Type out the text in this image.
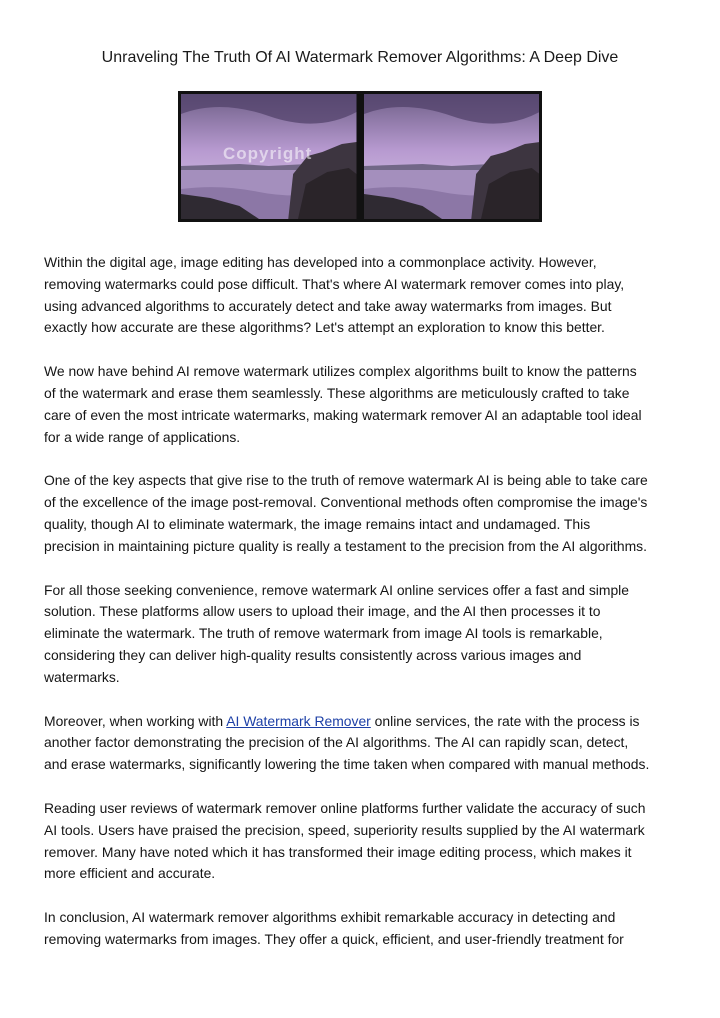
Unraveling The Truth Of AI Watermark Remover Algorithms: A Deep Dive
Copyright

Within the digital age, image editing has developed into a commonplace activity. However,
removing watermarks could pose difficult. That's where AI watermark remover comes into play,
using advanced algorithms to accurately detect and take away watermarks from images. But
exactly how accurate are these algorithms? Let's attempt an exploration to know this better.

We now have behind AI remove watermark utilizes complex algorithms built to know the patterns
of the watermark and erase them seamlessly. These algorithms are meticulously crafted to take
care of even the most intricate watermarks, making watermark remover AI an adaptable tool ideal
for a wide range of applications.

One of the key aspects that give rise to the truth of remove watermark AI is being able to take care
of the excellence of the image post-removal. Conventional methods often compromise the image's
quality, though AI to eliminate watermark, the image remains intact and undamaged. This
precision in maintaining picture quality is really a testament to the precision from the AI algorithms.

For all those seeking convenience, remove watermark AI online services offer a fast and simple
solution. These platforms allow users to upload their image, and the AI then processes it to
eliminate the watermark. The truth of remove watermark from image AI tools is remarkable,
considering they can deliver high-quality results consistently across various images and
watermarks.

Moreover, when working with AI Watermark Remover online services, the rate with the process is
another factor demonstrating the precision of the AI algorithms. The AI can rapidly scan, detect,
and erase watermarks, significantly lowering the time taken when compared with manual methods.

Reading user reviews of watermark remover online platforms further validate the accuracy of such
AI tools. Users have praised the precision, speed, superiority results supplied by the AI watermark
remover. Many have noted which it has transformed their image editing process, which makes it
more efficient and accurate.

In conclusion, AI watermark remover algorithms exhibit remarkable accuracy in detecting and
removing watermarks from images. They offer a quick, efficient, and user-friendly treatment for
